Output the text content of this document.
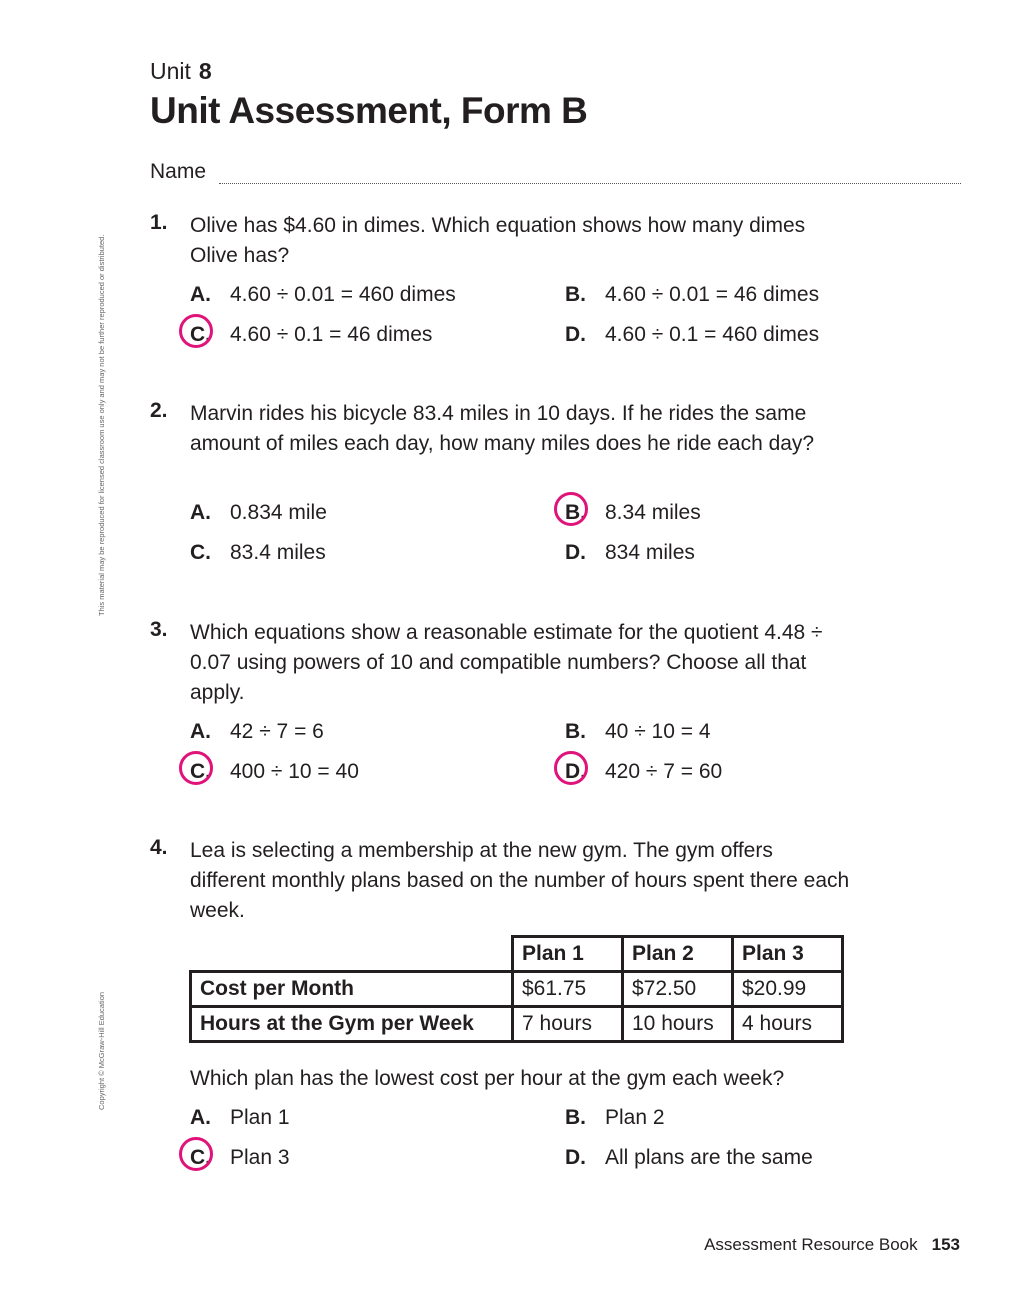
Unit 8
Unit Assessment, Form B
Name
This material may be reproduced for licensed classroom use only and may not be further reproduced or distributed.
Copyright © McGraw-Hill Education
1. Olive has $4.60 in dimes. Which equation shows how many dimes Olive has?
A. 4.60 ÷ 0.01 = 460 dimes	B. 4.60 ÷ 0.01 = 46 dimes
C. 4.60 ÷ 0.1 = 46 dimes	D. 4.60 ÷ 0.1 = 460 dimes
2. Marvin rides his bicycle 83.4 miles in 10 days. If he rides the same amount of miles each day, how many miles does he ride each day?
A. 0.834 mile	B. 8.34 miles
C. 83.4 miles	D. 834 miles
3. Which equations show a reasonable estimate for the quotient 4.48 ÷ 0.07 using powers of 10 and compatible numbers? Choose all that apply.
A. 42 ÷ 7 = 6	B. 40 ÷ 10 = 4
C. 400 ÷ 10 = 40	D. 420 ÷ 7 = 60
4. Lea is selecting a membership at the new gym. The gym offers different monthly plans based on the number of hours spent there each week.
	Plan 1	Plan 2	Plan 3
Cost per Month	$61.75	$72.50	$20.99
Hours at the Gym per Week	7 hours	10 hours	4 hours
Which plan has the lowest cost per hour at the gym each week?
A. Plan 1	B. Plan 2
C. Plan 3	D. All plans are the same
Assessment Resource Book 153
